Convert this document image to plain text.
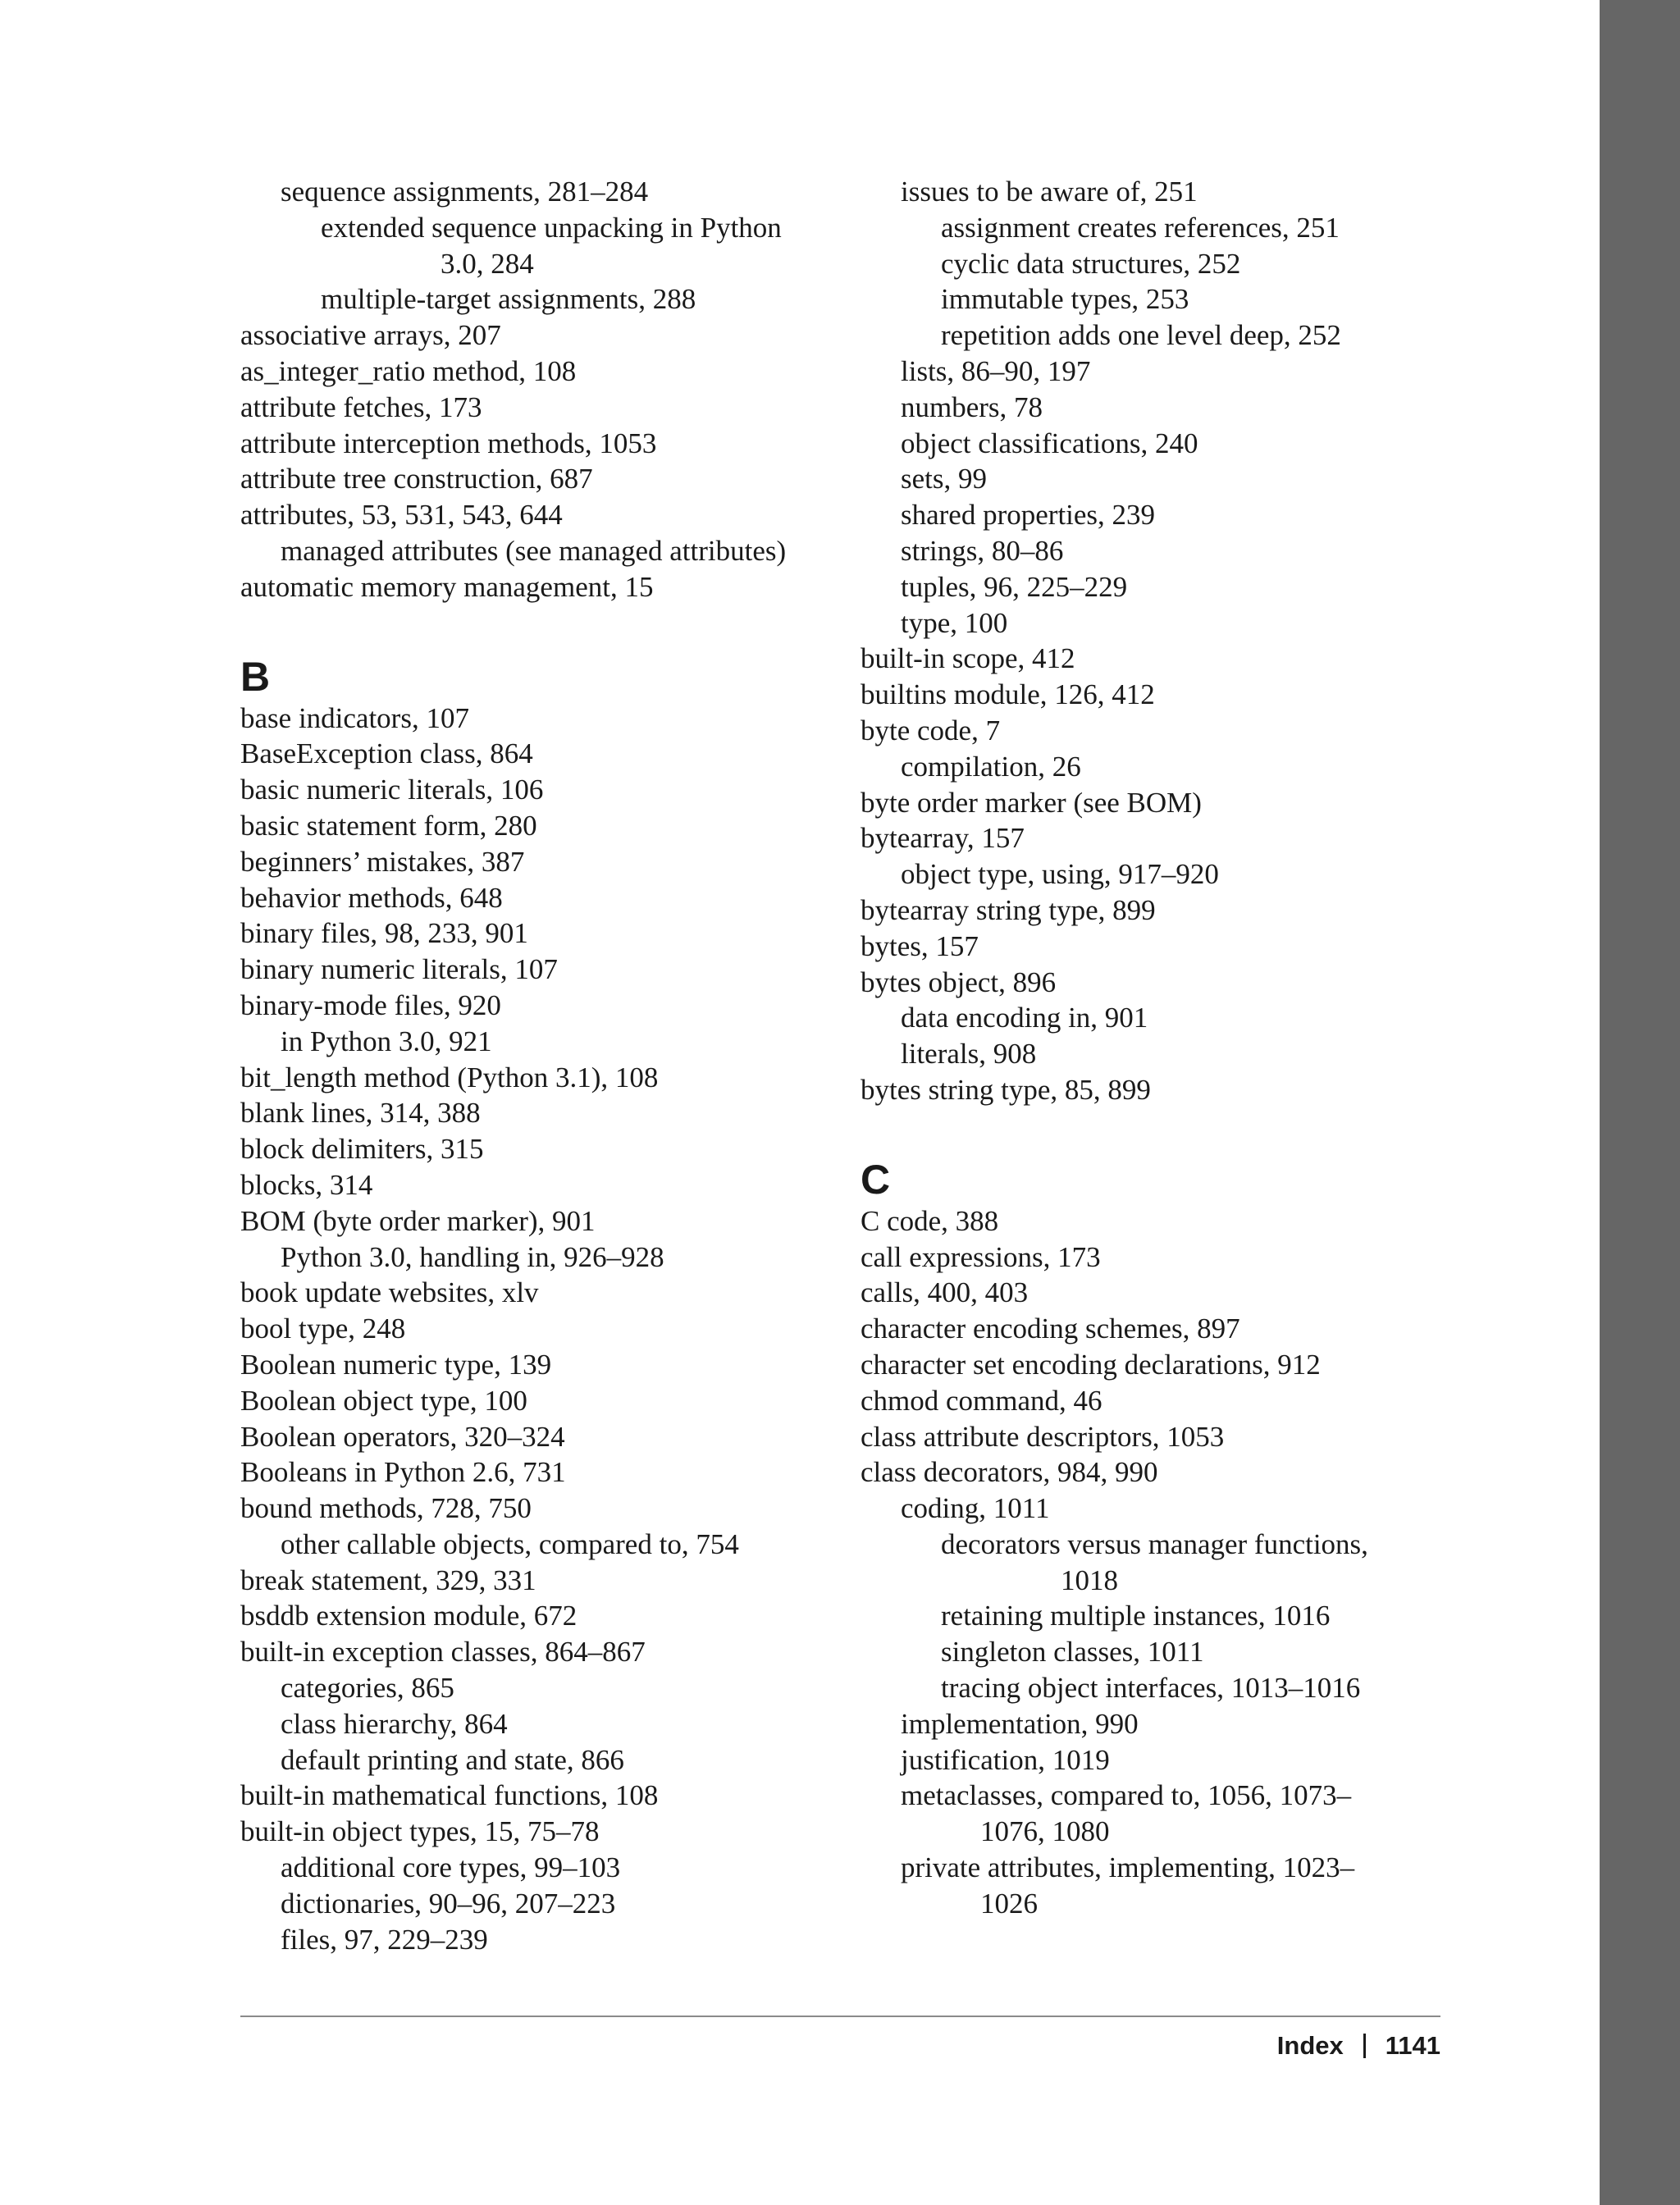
sequence assignments, 281–284
extended sequence unpacking in Python
3.0, 284
multiple-target assignments, 288
associative arrays, 207
as_integer_ratio method, 108
attribute fetches, 173
attribute interception methods, 1053
attribute tree construction, 687
attributes, 53, 531, 543, 644
managed attributes (see managed attributes)
automatic memory management, 15
B
base indicators, 107
BaseException class, 864
basic numeric literals, 106
basic statement form, 280
beginners’ mistakes, 387
behavior methods, 648
binary files, 98, 233, 901
binary numeric literals, 107
binary-mode files, 920
in Python 3.0, 921
bit_length method (Python 3.1), 108
blank lines, 314, 388
block delimiters, 315
blocks, 314
BOM (byte order marker), 901
Python 3.0, handling in, 926–928
book update websites, xlv
bool type, 248
Boolean numeric type, 139
Boolean object type, 100
Boolean operators, 320–324
Booleans in Python 2.6, 731
bound methods, 728, 750
other callable objects, compared to, 754
break statement, 329, 331
bsddb extension module, 672
built-in exception classes, 864–867
categories, 865
class hierarchy, 864
default printing and state, 866
built-in mathematical functions, 108
built-in object types, 15, 75–78
additional core types, 99–103
dictionaries, 90–96, 207–223
files, 97, 229–239
issues to be aware of, 251
assignment creates references, 251
cyclic data structures, 252
immutable types, 253
repetition adds one level deep, 252
lists, 86–90, 197
numbers, 78
object classifications, 240
sets, 99
shared properties, 239
strings, 80–86
tuples, 96, 225–229
type, 100
built-in scope, 412
builtins module, 126, 412
byte code, 7
compilation, 26
byte order marker (see BOM)
bytearray, 157
object type, using, 917–920
bytearray string type, 899
bytes, 157
bytes object, 896
data encoding in, 901
literals, 908
bytes string type, 85, 899
C
C code, 388
call expressions, 173
calls, 400, 403
character encoding schemes, 897
character set encoding declarations, 912
chmod command, 46
class attribute descriptors, 1053
class decorators, 984, 990
coding, 1011
decorators versus manager functions,
1018
retaining multiple instances, 1016
singleton classes, 1011
tracing object interfaces, 1013–1016
implementation, 990
justification, 1019
metaclasses, compared to, 1056, 1073–
1076, 1080
private attributes, implementing, 1023–
1026
Index 1141
